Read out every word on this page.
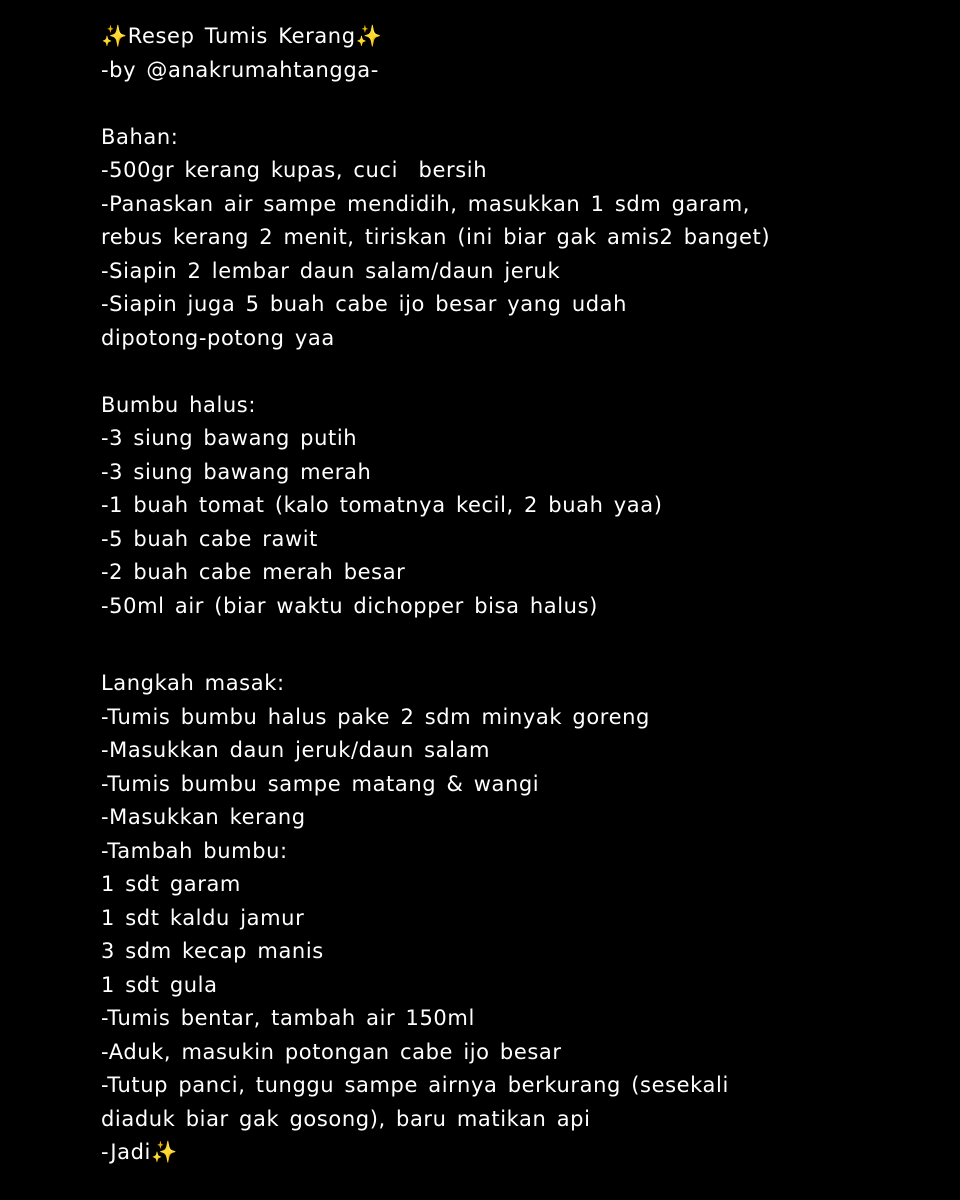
✨Resep Tumis Kerang✨
-by @anakrumahtangga-
Bahan:
-500gr kerang kupas, cuci  bersih
-Panaskan air sampe mendidih, masukkan 1 sdm garam,
rebus kerang 2 menit, tiriskan (ini biar gak amis2 banget)
-Siapin 2 lembar daun salam/daun jeruk
-Siapin juga 5 buah cabe ijo besar yang udah
dipotong-potong yaa
Bumbu halus:
-3 siung bawang putih
-3 siung bawang merah
-1 buah tomat (kalo tomatnya kecil, 2 buah yaa)
-5 buah cabe rawit
-2 buah cabe merah besar
-50ml air (biar waktu dichopper bisa halus)
Langkah masak:
-Tumis bumbu halus pake 2 sdm minyak goreng
-Masukkan daun jeruk/daun salam
-Tumis bumbu sampe matang & wangi
-Masukkan kerang
-Tambah bumbu:
1 sdt garam
1 sdt kaldu jamur
3 sdm kecap manis
1 sdt gula
-Tumis bentar, tambah air 150ml
-Aduk, masukin potongan cabe ijo besar
-Tutup panci, tunggu sampe airnya berkurang (sesekali
diaduk biar gak gosong), baru matikan api
-Jadi✨
